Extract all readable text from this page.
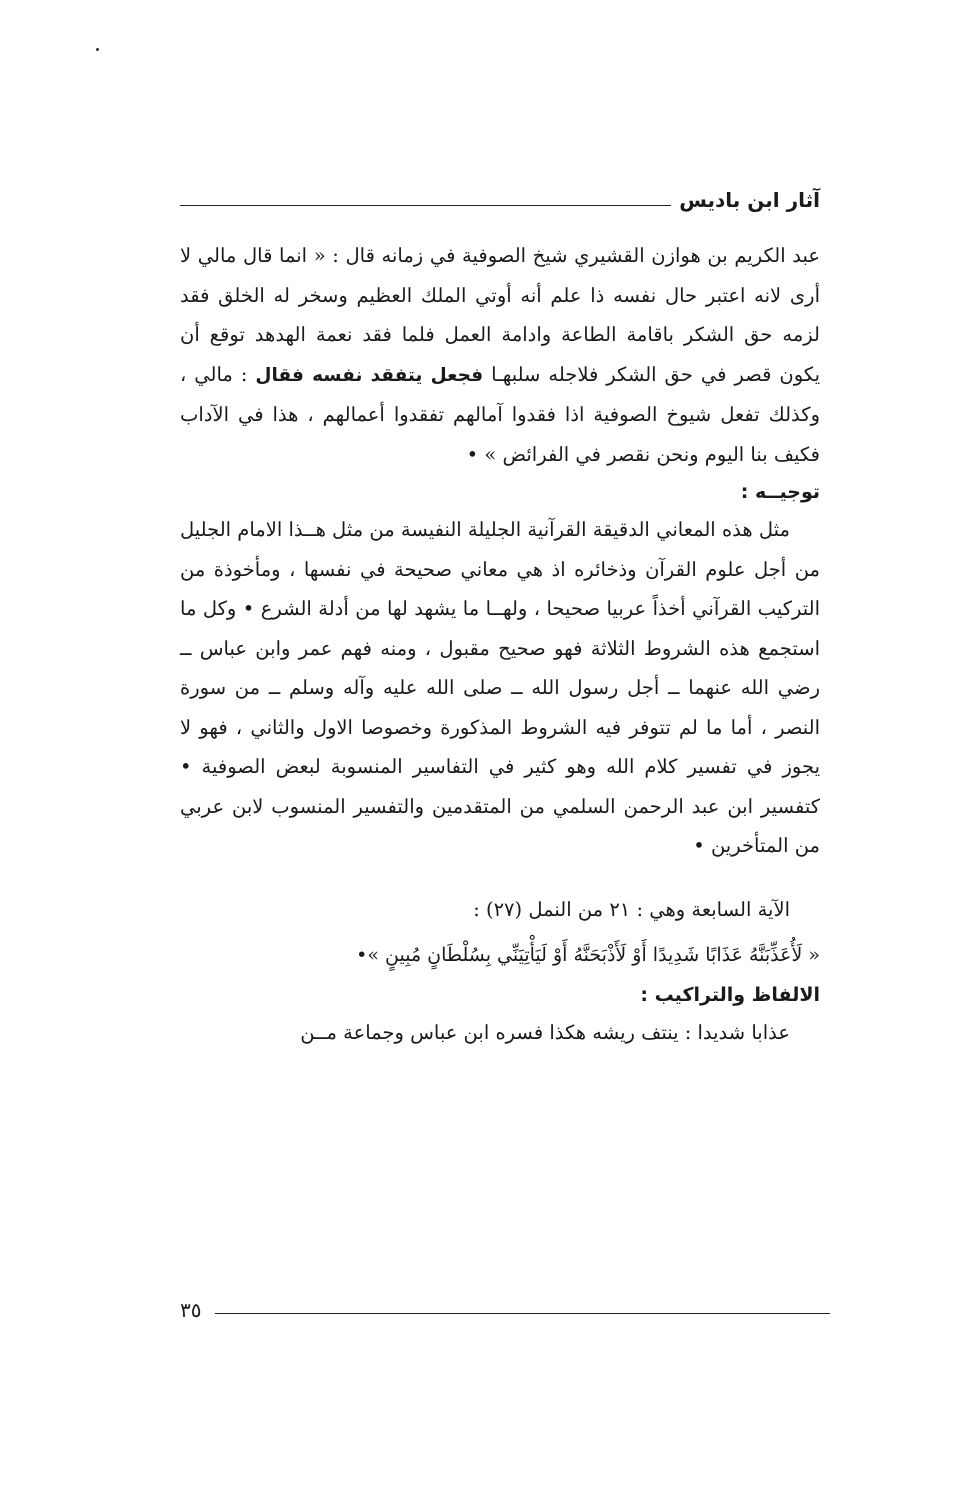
آثار ابن باديس

عبد الكريم بن هوازن القشيري شيخ الصوفية في زمانه قال : « انما قال مالي لا أرى لانه اعتبر حال نفسه ذا علم أنه أوتي الملك العظيم وسخر له الخلق فقد لزمه حق الشكر باقامة الطاعة وادامة العمل فلما فقد نعمة الهدهد توقع أن يكون قصر في حق الشكر فلاجله سلبهـا فجعل يتفقد نفسه فقال : مالي ، وكذلك تفعل شيوخ الصوفية اذا فقدوا آمالهم تفقدوا أعمالهم ، هذا في الآداب فكيف بنا اليوم ونحن نقصر في الفرائض » •

توجيــه :

مثل هذه المعاني الدقيقة القرآنية الجليلة النفيسة من مثل هــذا الامام الجليل من أجل علوم القرآن وذخائره اذ هي معاني صحيحة في نفسها ، ومأخوذة من التركيب القرآني أخذاً عربيا صحيحا ، ولهــا ما يشهد لها من أدلة الشرع • وكل ما استجمع هذه الشروط الثلاثة فهو صحيح مقبول ، ومنه فهم عمر وابن عباس ــ رضي الله عنهما ــ أجل رسول الله ــ صلى الله عليه وآله وسلم ــ من سورة النصر ، أما ما لم تتوفر فيه الشروط المذكورة وخصوصا الاول والثاني ، فهو لا يجوز في تفسير كلام الله وهو كثير في التفاسير المنسوبة لبعض الصوفية • كتفسير ابن عبد الرحمن السلمي من المتقدمين والتفسير المنسوب لابن عربي من المتأخرين •

الآية السابعة وهي : ٢١ من النمل (٢٧) :

« لَأُعَذِّبَنَّهُ عَذَابًا شَدِيدًا أَوْ لَأَذْبَحَنَّهُ أَوْ لَيَأْتِيَنِّي بِسُلْطَانٍ مُبِينٍ »•

الالفاظ والتراكيب :

عذابا شديدا : ينتف ريشه هكذا فسره ابن عباس وجماعة مــن

٣٥
